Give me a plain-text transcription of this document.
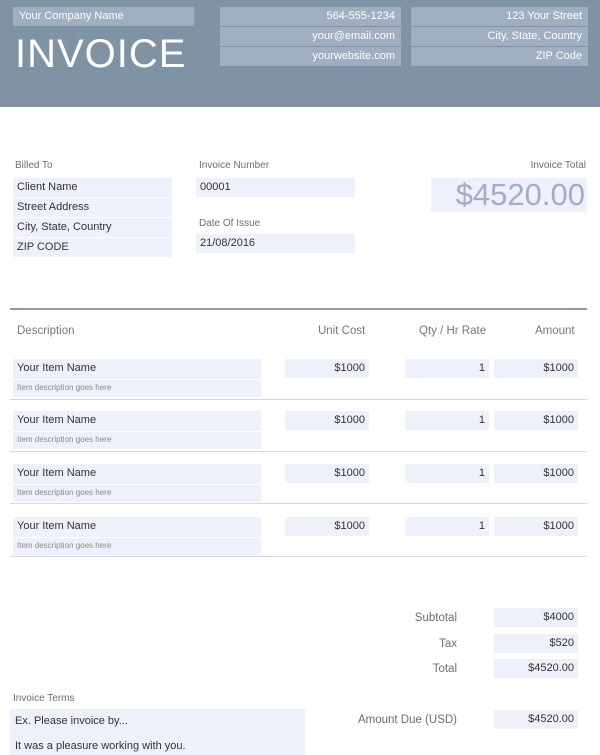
Your Company Name
INVOICE
564-555-1234
your@email.com
yourwebsite.com
123 Your Street
City, State, Country
ZIP Code
Billed To
Client Name
Street Address
City, State, Country
ZIP CODE
Invoice Number
00001
Date Of Issue
21/08/2016
Invoice Total
$4520.00
Description	Unit Cost	Qty / Hr Rate	Amount
Your Item Name
Item description goes here
$1000	1	$1000
Your Item Name
Item description goes here
$1000	1	$1000
Your Item Name
Item description goes here
$1000	1	$1000
Your Item Name
Item description goes here
$1000	1	$1000
Subtotal	$4000
Tax	$520
Total	$4520.00
Amount Due (USD)	$4520.00
Invoice Terms
Ex. Please invoice by...
It was a pleasure working with you.
